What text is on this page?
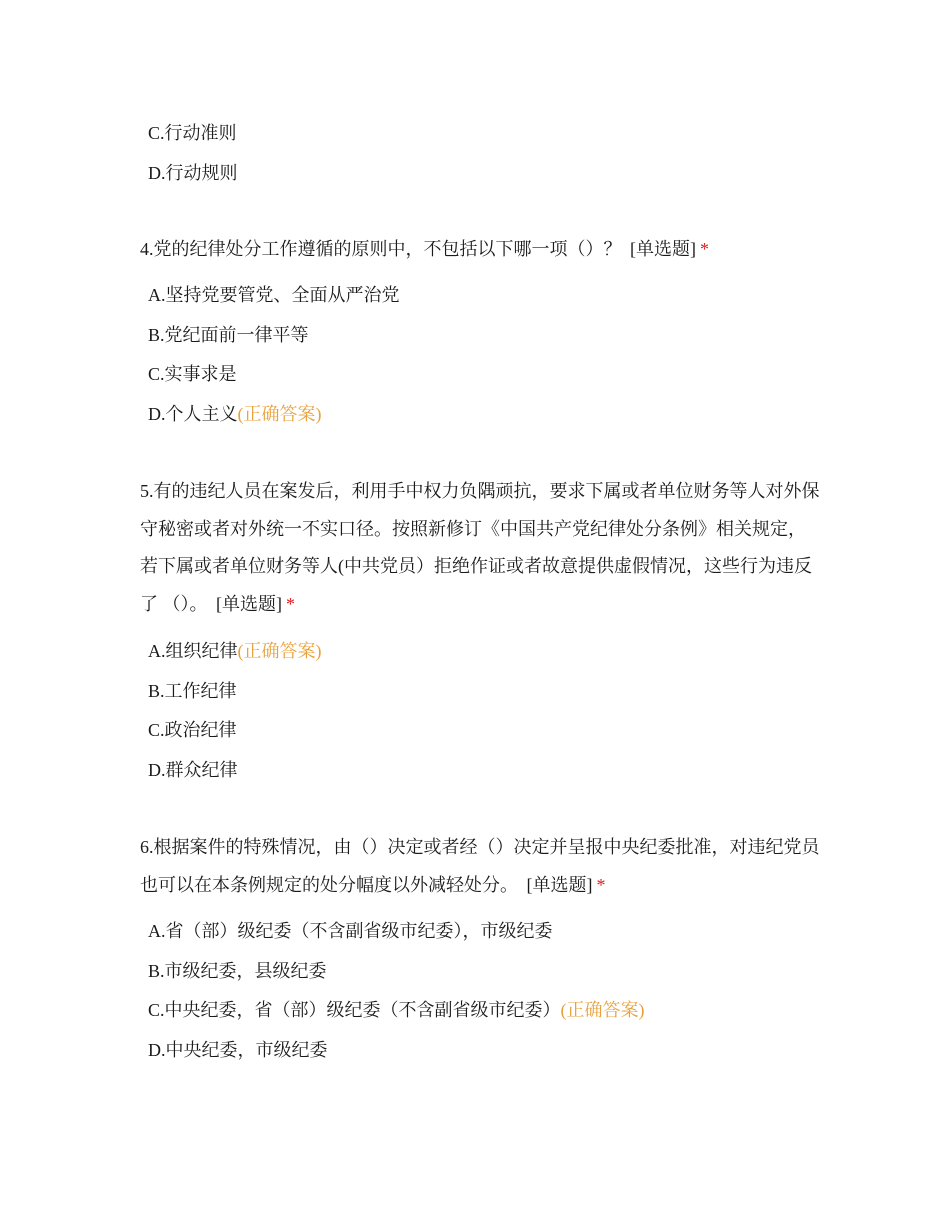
C.行动准则

D.行动规则

4.党的纪律处分工作遵循的原则中，不包括以下哪一项（）？ [单选题] *

A.坚持党要管党、全面从严治党

B.党纪面前一律平等

C.实事求是

D.个人主义(正确答案)

5.有的违纪人员在案发后，利用手中权力负隅顽抗，要求下属或者单位财务等人对外保守秘密或者对外统一不实口径。按照新修订《中国共产党纪律处分条例》相关规定，若下属或者单位财务等人(中共党员）拒绝作证或者故意提供虚假情况，这些行为违反了 （）。 [单选题] *

A.组织纪律(正确答案)

B.工作纪律

C.政治纪律

D.群众纪律

6.根据案件的特殊情况，由（）决定或者经（）决定并呈报中央纪委批准，对违纪党员也可以在本条例规定的处分幅度以外减轻处分。 [单选题] *

A.省（部）级纪委（不含副省级市纪委），市级纪委

B.市级纪委，县级纪委

C.中央纪委，省（部）级纪委（不含副省级市纪委）(正确答案)

D.中央纪委，市级纪委
